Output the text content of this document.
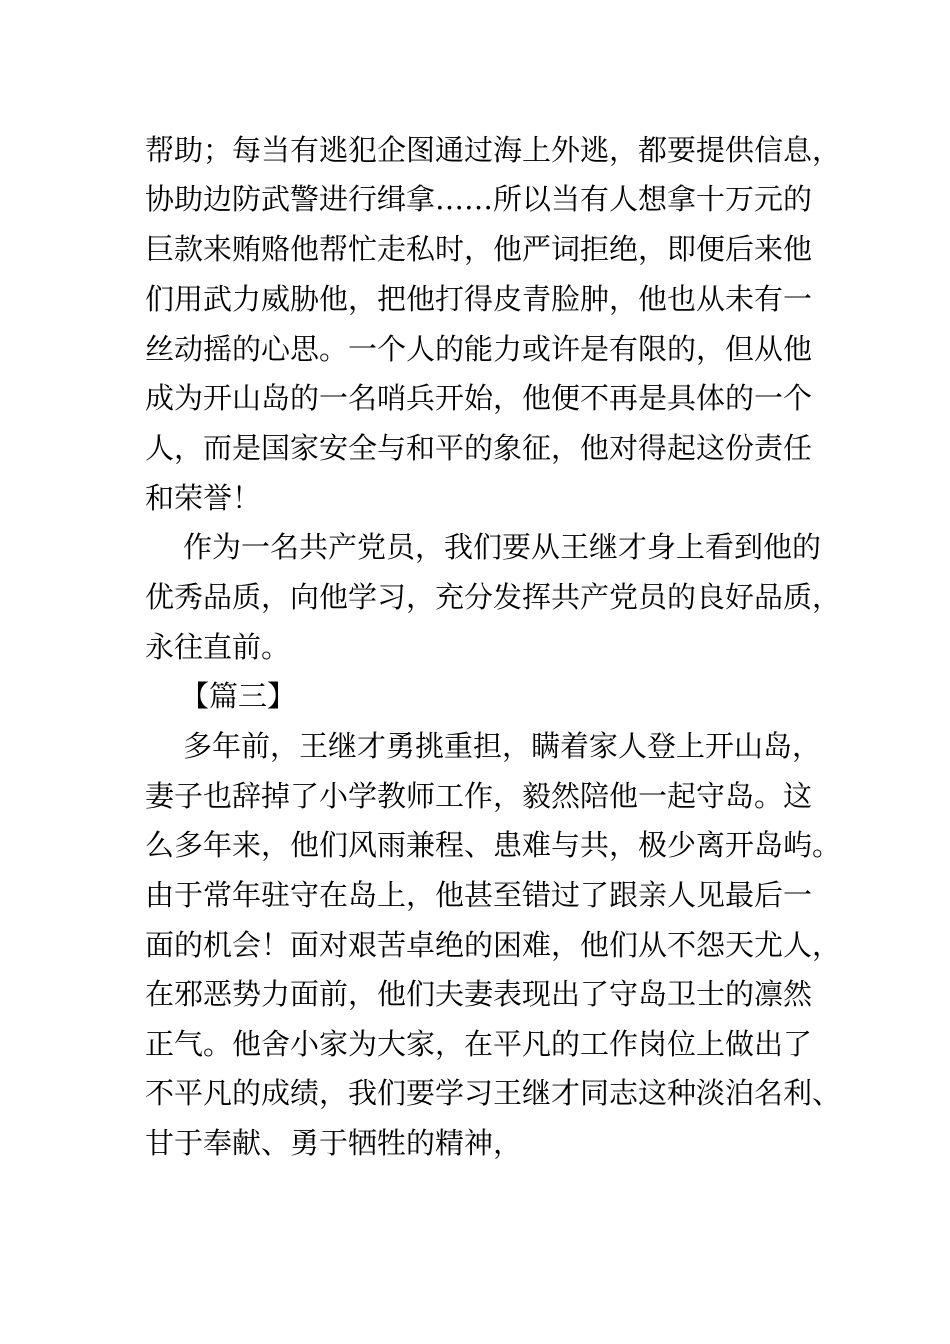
帮助；每当有逃犯企图通过海上外逃，都要提供信息，
协助边防武警进行缉拿……所以当有人想拿十万元的
巨款来贿赂他帮忙走私时，他严词拒绝，即便后来他
们用武力威胁他，把他打得皮青脸肿，他也从未有一
丝动摇的心思。一个人的能力或许是有限的，但从他
成为开山岛的一名哨兵开始，他便不再是具体的一个
人，而是国家安全与和平的象征，他对得起这份责任
和荣誉！
作为一名共产党员，我们要从王继才身上看到他的
优秀品质，向他学习，充分发挥共产党员的良好品质，
永往直前。
【篇三】
多年前，王继才勇挑重担，瞒着家人登上开山岛，
妻子也辞掉了小学教师工作，毅然陪他一起守岛。这
么多年来，他们风雨兼程、患难与共，极少离开岛屿。
由于常年驻守在岛上，他甚至错过了跟亲人见最后一
面的机会！面对艰苦卓绝的困难，他们从不怨天尤人，
在邪恶势力面前，他们夫妻表现出了守岛卫士的凛然
正气。他舍小家为大家，在平凡的工作岗位上做出了
不平凡的成绩，我们要学习王继才同志这种淡泊名利、
甘于奉献、勇于牺牲的精神，
